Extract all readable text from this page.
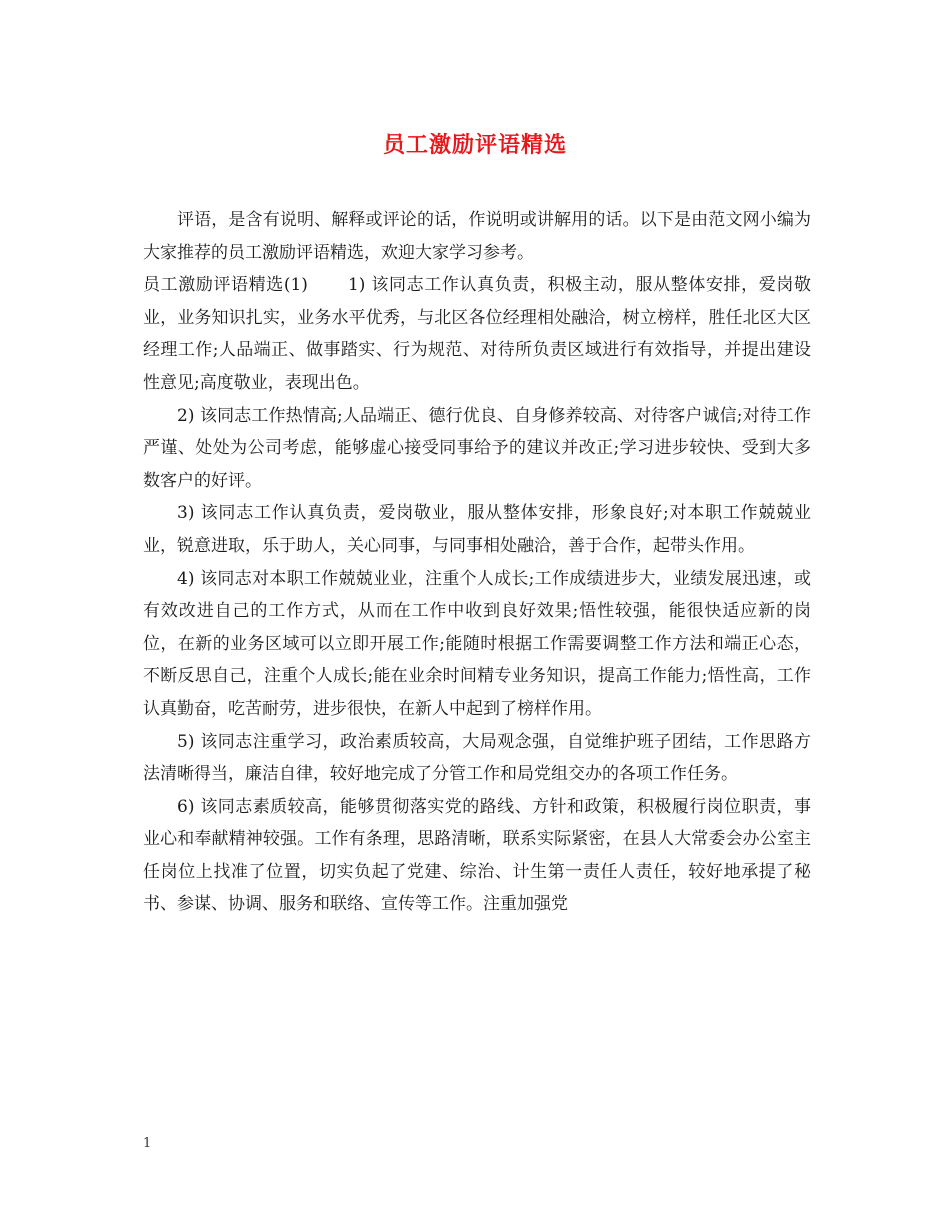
员工激励评语精选

评语，是含有说明、解释或评论的话，作说明或讲解用的话。以下是由范文网小编为大家推荐的员工激励评语精选，欢迎大家学习参考。

员工激励评语精选(1) 1) 该同志工作认真负责，积极主动，服从整体安排，爱岗敬业，业务知识扎实，业务水平优秀，与北区各位经理相处融洽，树立榜样，胜任北区大区经理工作;人品端正、做事踏实、行为规范、对待所负责区域进行有效指导，并提出建设性意见;高度敬业，表现出色。

2) 该同志工作热情高;人品端正、德行优良、自身修养较高、对待客户诚信;对待工作严谨、处处为公司考虑，能够虚心接受同事给予的建议并改正;学习进步较快、受到大多数客户的好评。

3) 该同志工作认真负责，爱岗敬业，服从整体安排，形象良好;对本职工作兢兢业业，锐意进取，乐于助人，关心同事，与同事相处融洽，善于合作，起带头作用。

4) 该同志对本职工作兢兢业业，注重个人成长;工作成绩进步大，业绩发展迅速，或有效改进自己的工作方式，从而在工作中收到良好效果;悟性较强，能很快适应新的岗位，在新的业务区域可以立即开展工作;能随时根据工作需要调整工作方法和端正心态，不断反思自己，注重个人成长;能在业余时间精专业务知识，提高工作能力;悟性高，工作认真勤奋，吃苦耐劳，进步很快，在新人中起到了榜样作用。

5) 该同志注重学习，政治素质较高，大局观念强，自觉维护班子团结，工作思路方法清晰得当，廉洁自律，较好地完成了分管工作和局党组交办的各项工作任务。

6) 该同志素质较高，能够贯彻落实党的路线、方针和政策，积极履行岗位职责，事业心和奉献精神较强。工作有条理，思路清晰，联系实际紧密，在县人大常委会办公室主任岗位上找准了位置，切实负起了党建、综治、计生第一责任人责任，较好地承提了秘书、参谋、协调、服务和联络、宣传等工作。注重加强党

1
